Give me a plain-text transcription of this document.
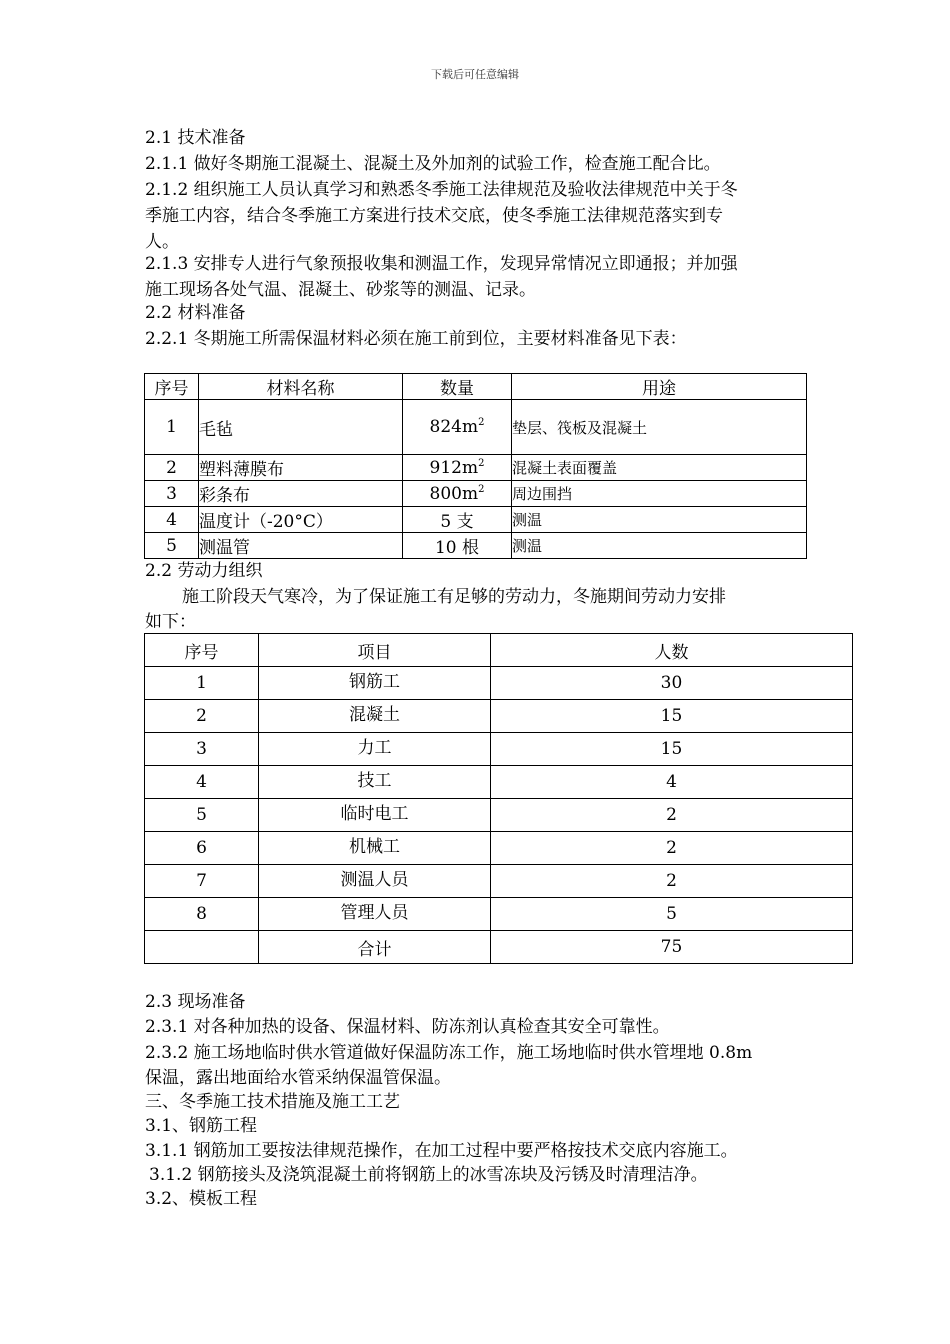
下载后可任意编辑
2.1 技术准备
2.1.1 做好冬期施工混凝土、混凝土及外加剂的试验工作，检查施工配合比。
2.1.2 组织施工人员认真学习和熟悉冬季施工法律规范及验收法律规范中关于冬
季施工内容，结合冬季施工方案进行技术交底，使冬季施工法律规范落实到专
人。
2.1.3 安排专人进行气象预报收集和测温工作，发现异常情况立即通报；并加强
施工现场各处气温、混凝土、砂浆等的测温、记录。
2.2 材料准备
2.2.1 冬期施工所需保温材料必须在施工前到位，主要材料准备见下表：
序号	材料名称	数量	用途
1	毛毡	$824m^2$	垫层、筏板及混凝土
2	塑料薄膜布	$912m^2$	混凝土表面覆盖
3	彩条布	$800m^2$	周边围挡
4	温度计（-20°C）	5 支	测温
5	测温管	10 根	测温
2.2 劳动力组织
施工阶段天气寒冷，为了保证施工有足够的劳动力，冬施期间劳动力安排
如下：
序号	项目	人数
1	钢筋工	30
2	混凝土	15
3	力工	15
4	技工	4
5	临时电工	2
6	机械工	2
7	测温人员	2
8	管理人员	5
	合计	75
2.3 现场准备
2.3.1 对各种加热的设备、保温材料、防冻剂认真检查其安全可靠性。
2.3.2 施工场地临时供水管道做好保温防冻工作，施工场地临时供水管埋地 0.8m
保温，露出地面给水管采纳保温管保温。
三、冬季施工技术措施及施工工艺
3.1、钢筋工程
3.1.1 钢筋加工要按法律规范操作，在加工过程中要严格按技术交底内容施工。
3.1.2 钢筋接头及浇筑混凝土前将钢筋上的冰雪冻块及污锈及时清理洁净。
3.2、模板工程
